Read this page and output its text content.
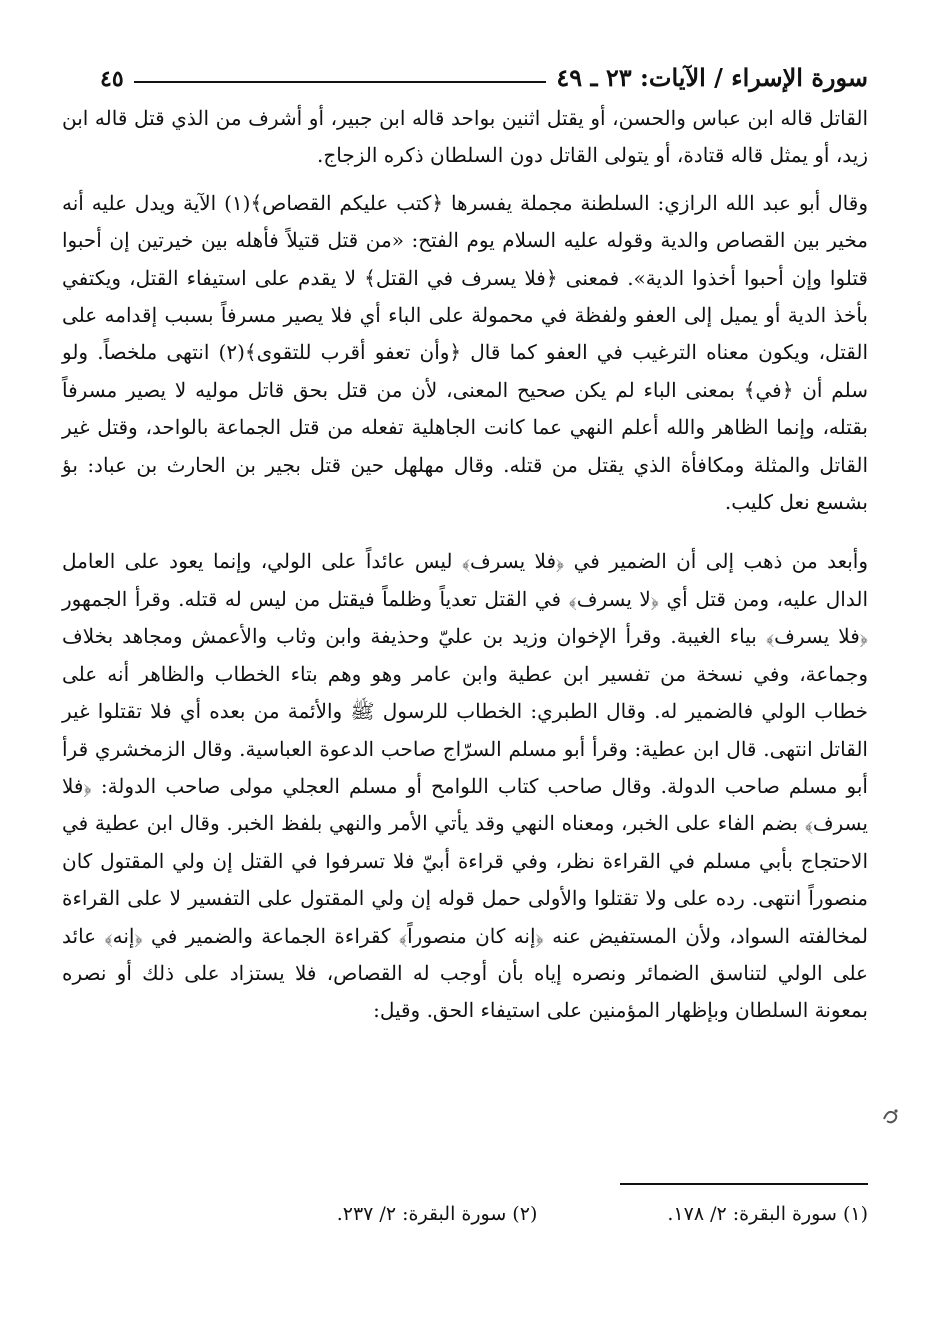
سورة الإسراء / الآيات: ٢٣ ـ ٤٩
٤٥

القاتل قاله ابن عباس والحسن، أو يقتل اثنين بواحد قاله ابن جبير، أو أشرف من الذي قتل قاله ابن زيد، أو يمثل قاله قتادة، أو يتولى القاتل دون السلطان ذكره الزجاج.

وقال أبو عبد الله الرازي: السلطنة مجملة يفسرها ﴿كتب عليكم القصاص﴾(١) الآية ويدل عليه أنه مخير بين القصاص والدية وقوله عليه السلام يوم الفتح: «من قتل قتيلاً فأهله بين خيرتين إن أحبوا قتلوا وإن أحبوا أخذوا الدية». فمعنى ﴿فلا يسرف في القتل﴾ لا يقدم على استيفاء القتل، ويكتفي بأخذ الدية أو يميل إلى العفو ولفظة في محمولة على الباء أي فلا يصير مسرفاً بسبب إقدامه على القتل، ويكون معناه الترغيب في العفو كما قال ﴿وأن تعفو أقرب للتقوى﴾(٢) انتهى ملخصاً. ولو سلم أن ﴿في﴾ بمعنى الباء لم يكن صحيح المعنى، لأن من قتل بحق قاتل موليه لا يصير مسرفاً بقتله، وإنما الظاهر والله أعلم النهي عما كانت الجاهلية تفعله من قتل الجماعة بالواحد، وقتل غير القاتل والمثلة ومكافأة الذي يقتل من قتله. وقال مهلهل حين قتل بجير بن الحارث بن عباد: بؤ بشسع نعل كليب.

وأبعد من ذهب إلى أن الضمير في ﴿فلا يسرف﴾ ليس عائداً على الولي، وإنما يعود على العامل الدال عليه، ومن قتل أي ﴿لا يسرف﴾ في القتل تعدياً وظلماً فيقتل من ليس له قتله. وقرأ الجمهور ﴿فلا يسرف﴾ بياء الغيبة. وقرأ الإخوان وزيد بن عليّ وحذيفة وابن وثاب والأعمش ومجاهد بخلاف وجماعة، وفي نسخة من تفسير ابن عطية وابن عامر وهو وهم بتاء الخطاب والظاهر أنه على خطاب الولي فالضمير له. وقال الطبري: الخطاب للرسول ﷺ والأئمة من بعده أي فلا تقتلوا غير القاتل انتهى. قال ابن عطية: وقرأ أبو مسلم السرّاج صاحب الدعوة العباسية. وقال الزمخشري قرأ أبو مسلم صاحب الدولة. وقال صاحب كتاب اللوامح أو مسلم العجلي مولى صاحب الدولة: ﴿فلا يسرف﴾ بضم الفاء على الخبر، ومعناه النهي وقد يأتي الأمر والنهي بلفظ الخبر. وقال ابن عطية في الاحتجاج بأبي مسلم في القراءة نظر، وفي قراءة أبيّ فلا تسرفوا في القتل إن ولي المقتول كان منصوراً انتهى. رده على ولا تقتلوا والأولى حمل قوله إن ولي المقتول على التفسير لا على القراءة لمخالفته السواد، ولأن المستفيض عنه ﴿إنه كان منصوراً﴾ كقراءة الجماعة والضمير في ﴿إنه﴾ عائد على الولي لتناسق الضمائر ونصره إياه بأن أوجب له القصاص، فلا يستزاد على ذلك أو نصره بمعونة السلطان وبإظهار المؤمنين على استيفاء الحق. وقيل:

(١) سورة البقرة: ٢/ ١٧٨.
(٢) سورة البقرة: ٢/ ٢٣٧.
